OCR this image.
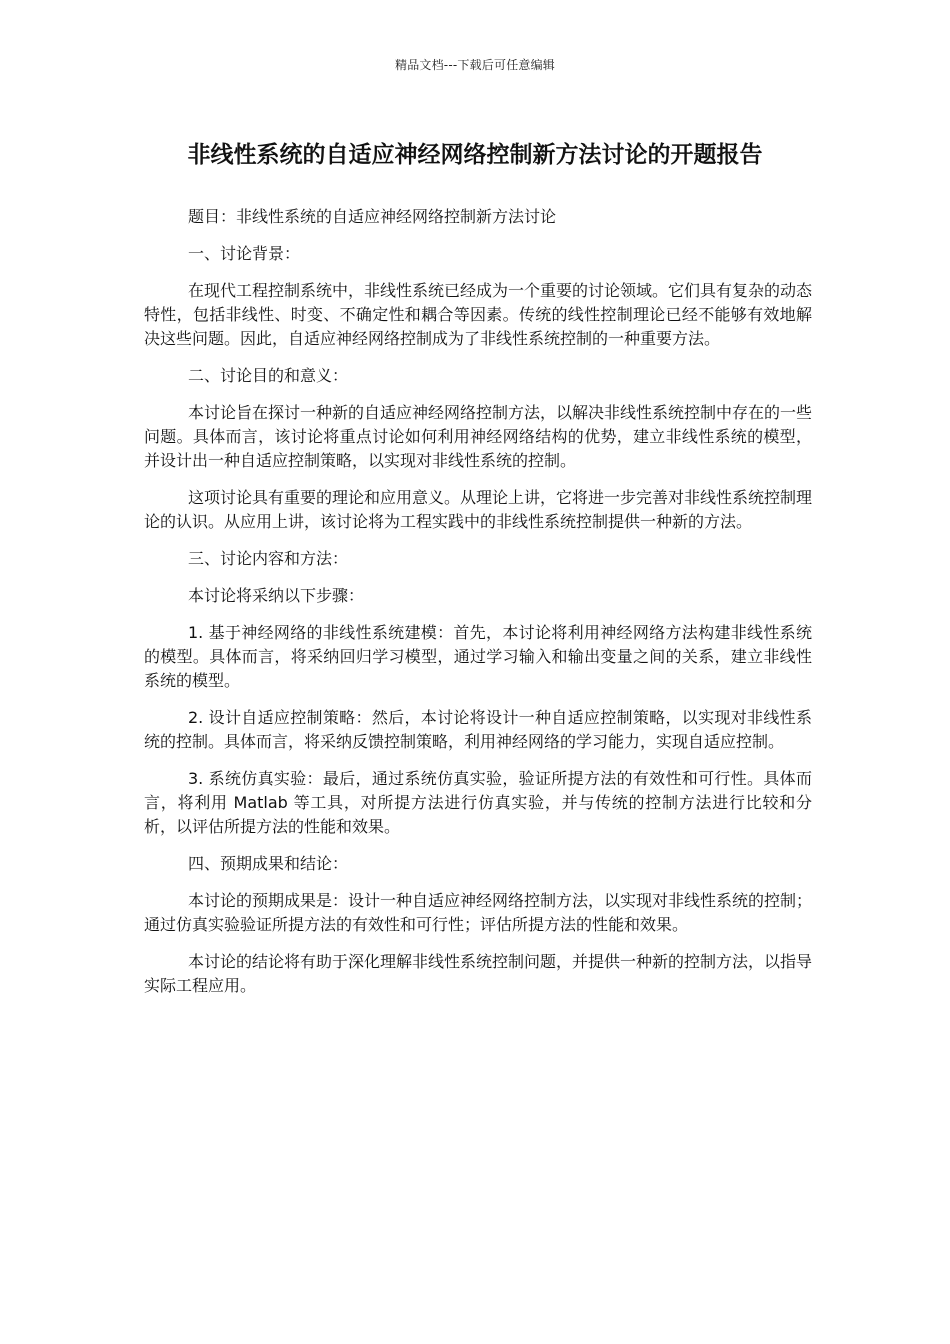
精品文档---下载后可任意编辑
非线性系统的自适应神经网络控制新方法讨论的开题报告

题目：非线性系统的自适应神经网络控制新方法讨论

一、讨论背景：

在现代工程控制系统中，非线性系统已经成为一个重要的讨论领域。它们具有复杂的动态特性，包括非线性、时变、不确定性和耦合等因素。传统的线性控制理论已经不能够有效地解决这些问题。因此，自适应神经网络控制成为了非线性系统控制的一种重要方法。

二、讨论目的和意义：

本讨论旨在探讨一种新的自适应神经网络控制方法，以解决非线性系统控制中存在的一些问题。具体而言，该讨论将重点讨论如何利用神经网络结构的优势，建立非线性系统的模型，并设计出一种自适应控制策略，以实现对非线性系统的控制。

这项讨论具有重要的理论和应用意义。从理论上讲，它将进一步完善对非线性系统控制理论的认识。从应用上讲，该讨论将为工程实践中的非线性系统控制提供一种新的方法。

三、讨论内容和方法：

本讨论将采纳以下步骤：

1. 基于神经网络的非线性系统建模：首先，本讨论将利用神经网络方法构建非线性系统的模型。具体而言，将采纳回归学习模型，通过学习输入和输出变量之间的关系，建立非线性系统的模型。

2. 设计自适应控制策略：然后，本讨论将设计一种自适应控制策略，以实现对非线性系统的控制。具体而言，将采纳反馈控制策略，利用神经网络的学习能力，实现自适应控制。

3. 系统仿真实验：最后，通过系统仿真实验，验证所提方法的有效性和可行性。具体而言，将利用 Matlab 等工具，对所提方法进行仿真实验，并与传统的控制方法进行比较和分析，以评估所提方法的性能和效果。

四、预期成果和结论：

本讨论的预期成果是：设计一种自适应神经网络控制方法，以实现对非线性系统的控制；通过仿真实验验证所提方法的有效性和可行性；评估所提方法的性能和效果。

本讨论的结论将有助于深化理解非线性系统控制问题，并提供一种新的控制方法，以指导实际工程应用。
